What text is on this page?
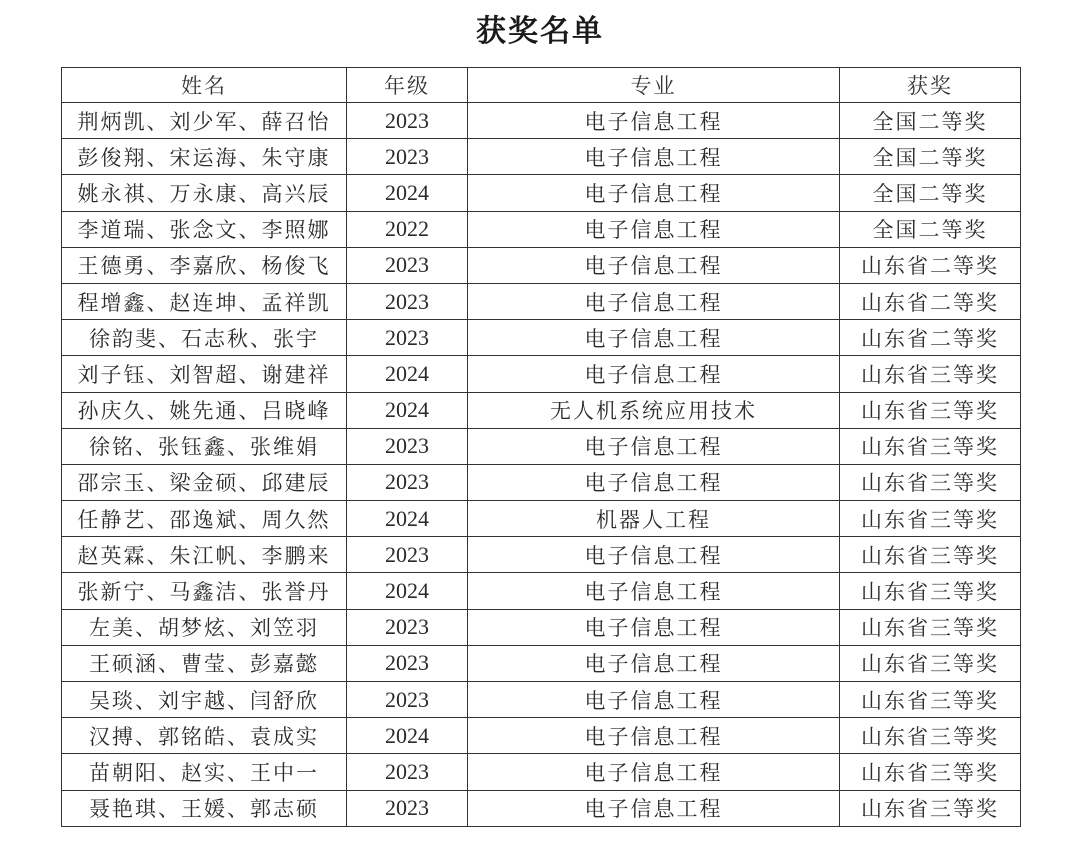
获奖名单
姓名	年级	专业	获奖
荆炳凯、刘少军、薛召怡	2023	电子信息工程	全国二等奖
彭俊翔、宋运海、朱守康	2023	电子信息工程	全国二等奖
姚永祺、万永康、高兴辰	2024	电子信息工程	全国二等奖
李道瑞、张念文、李照娜	2022	电子信息工程	全国二等奖
王德勇、李嘉欣、杨俊飞	2023	电子信息工程	山东省二等奖
程增鑫、赵连坤、孟祥凯	2023	电子信息工程	山东省二等奖
徐韵斐、石志秋、张宇	2023	电子信息工程	山东省二等奖
刘子钰、刘智超、谢建祥	2024	电子信息工程	山东省三等奖
孙庆久、姚先通、吕晓峰	2024	无人机系统应用技术	山东省三等奖
徐铭、张钰鑫、张维娟	2023	电子信息工程	山东省三等奖
邵宗玉、梁金硕、邱建辰	2023	电子信息工程	山东省三等奖
任静艺、邵逸斌、周久然	2024	机器人工程	山东省三等奖
赵英霖、朱江帆、李鹏来	2023	电子信息工程	山东省三等奖
张新宁、马鑫洁、张誉丹	2024	电子信息工程	山东省三等奖
左美、胡梦炫、刘笠羽	2023	电子信息工程	山东省三等奖
王硕涵、曹莹、彭嘉懿	2023	电子信息工程	山东省三等奖
吴琰、刘宇越、闫舒欣	2023	电子信息工程	山东省三等奖
汉搏、郭铭皓、袁成实	2024	电子信息工程	山东省三等奖
苗朝阳、赵实、王中一	2023	电子信息工程	山东省三等奖
聂艳琪、王媛、郭志硕	2023	电子信息工程	山东省三等奖
